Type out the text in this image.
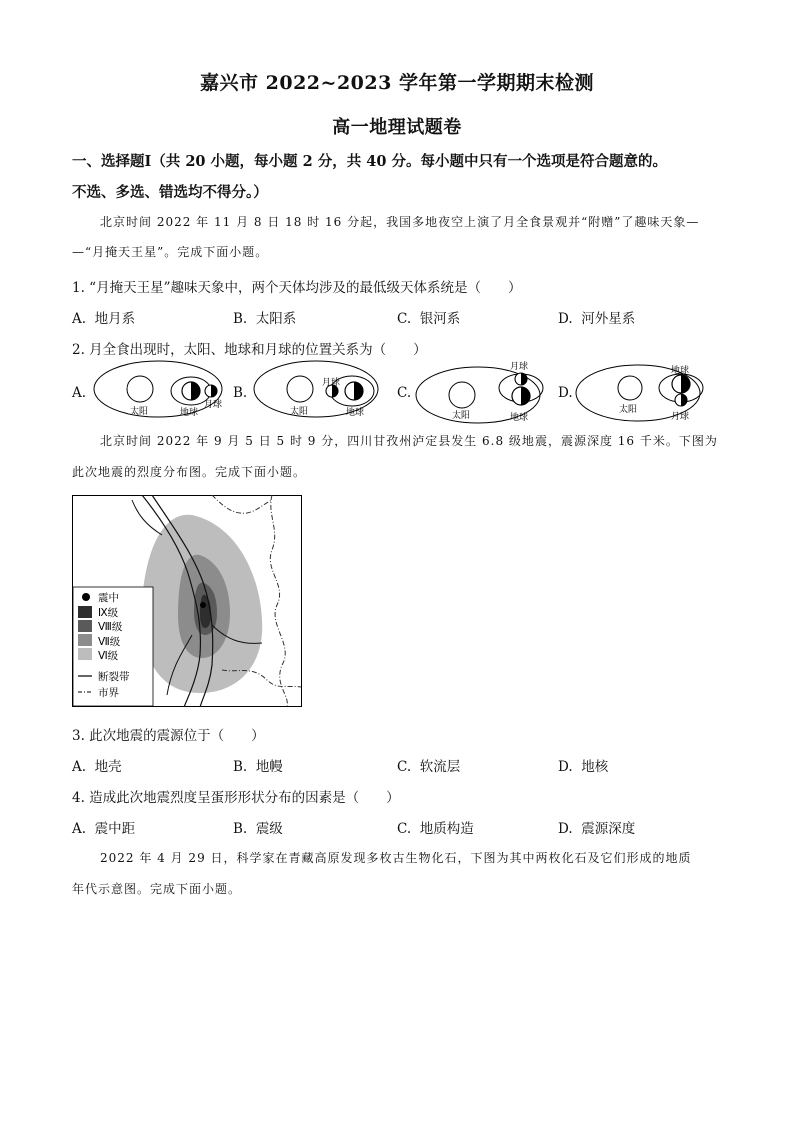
嘉兴市 2022~2023 学年第一学期期末检测
高一地理试题卷
一、选择题Ⅰ（共 20 小题，每小题 2 分，共 40 分。每小题中只有一个选项是符合题意的。
不选、多选、错选均不得分。）
北京时间 2022 年 11 月 8 日 18 时 16 分起，我国多地夜空上演了月全食景观并“附赠”了趣味天象—
—“月掩天王星”。完成下面小题。
1. “月掩天王星”趣味天象中，两个天体均涉及的最低级天体系统是（　　）
A. 地月系	B. 太阳系	C. 银河系	D. 河外星系
2. 月全食出现时，太阳、地球和月球的位置关系为（　　）
A.	B.	C.	D.
太阳	地球
月球
太阳
月球
地球	太阳
月球
地球
太阳
地球
月球
北京时间 2022 年 9 月 5 日 5 时 9 分，四川甘孜州泸定县发生 6.8 级地震，震源深度 16 千米。下图为
此次地震的烈度分布图。完成下面小题。
震中
Ⅸ级
Ⅷ级
Ⅶ级
Ⅵ级
断裂带
市界
3. 此次地震的震源位于（　　）
A. 地壳	B. 地幔	C. 软流层	D. 地核
4. 造成此次地震烈度呈蛋形形状分布的因素是（　　）
A. 震中距	B. 震级	C. 地质构造	D. 震源深度
2022 年 4 月 29 日，科学家在青藏高原发现多枚古生物化石，下图为其中两枚化石及它们形成的地质
年代示意图。完成下面小题。
